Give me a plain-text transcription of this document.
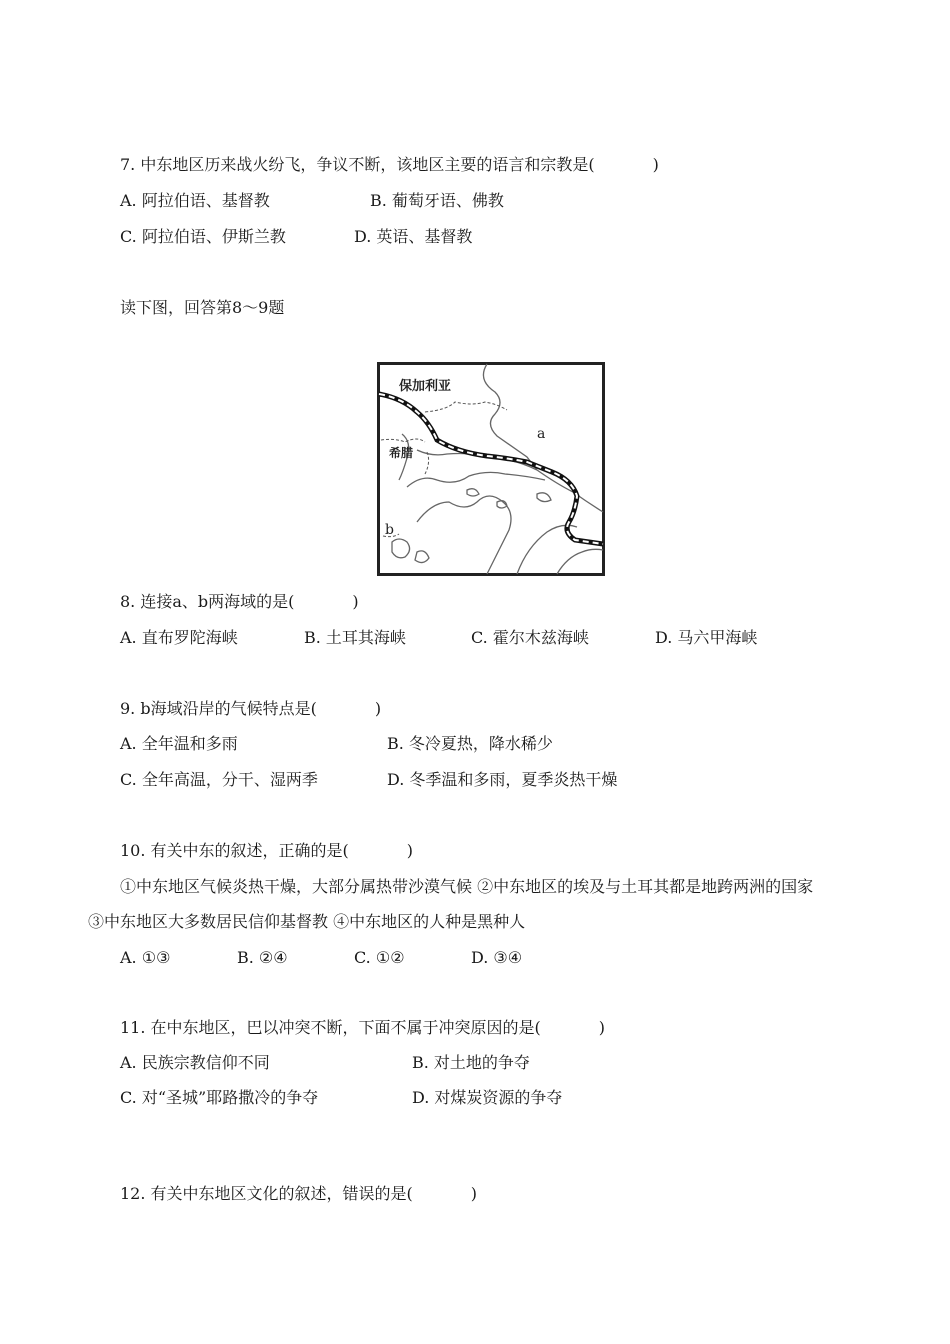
7. 中东地区历来战火纷飞，争议不断，该地区主要的语言和宗教是(	)
A. 阿拉伯语、基督教	B. 葡萄牙语、佛教
C. 阿拉伯语、伊斯兰教	D. 英语、基督教
读下图，回答第8～9题
保加利亚
希腊
a
b
8. 连接a、b两海域的是(	)
A. 直布罗陀海峡	B. 土耳其海峡	C. 霍尔木兹海峡	D. 马六甲海峡
9. b海域沿岸的气候特点是(	)
A. 全年温和多雨	B. 冬冷夏热，降水稀少
C. 全年高温，分干、湿两季	D. 冬季温和多雨，夏季炎热干燥
10. 有关中东的叙述，正确的是(	)
①中东地区气候炎热干燥，大部分属热带沙漠气候 ②中东地区的埃及与土耳其都是地跨两洲的国家
③中东地区大多数居民信仰基督教 ④中东地区的人种是黑种人
A. ①③	B. ②④	C. ①②	D. ③④
11. 在中东地区，巴以冲突不断，下面不属于冲突原因的是(	)
A. 民族宗教信仰不同	B. 对土地的争夺
C. 对“圣城”耶路撒冷的争夺	D. 对煤炭资源的争夺
12. 有关中东地区文化的叙述，错误的是(	)
